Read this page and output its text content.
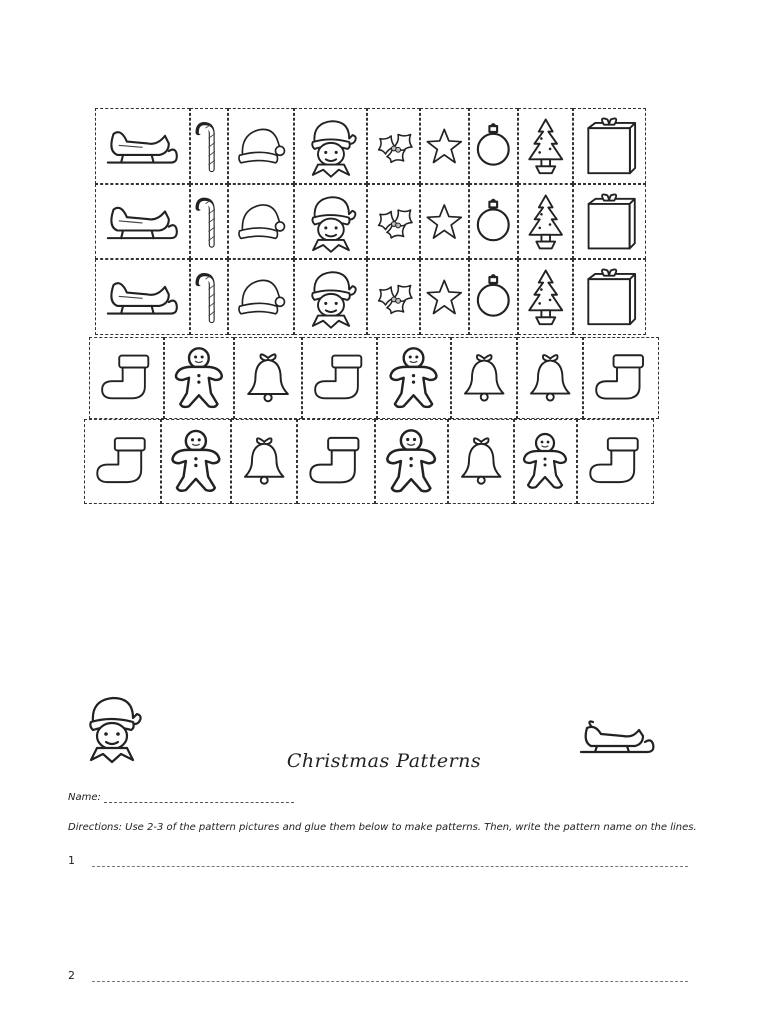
Christmas Patterns
Name:
Directions: Use 2-3 of the pattern pictures and glue them below to make patterns. Then, write the pattern name on the lines.
1
2
